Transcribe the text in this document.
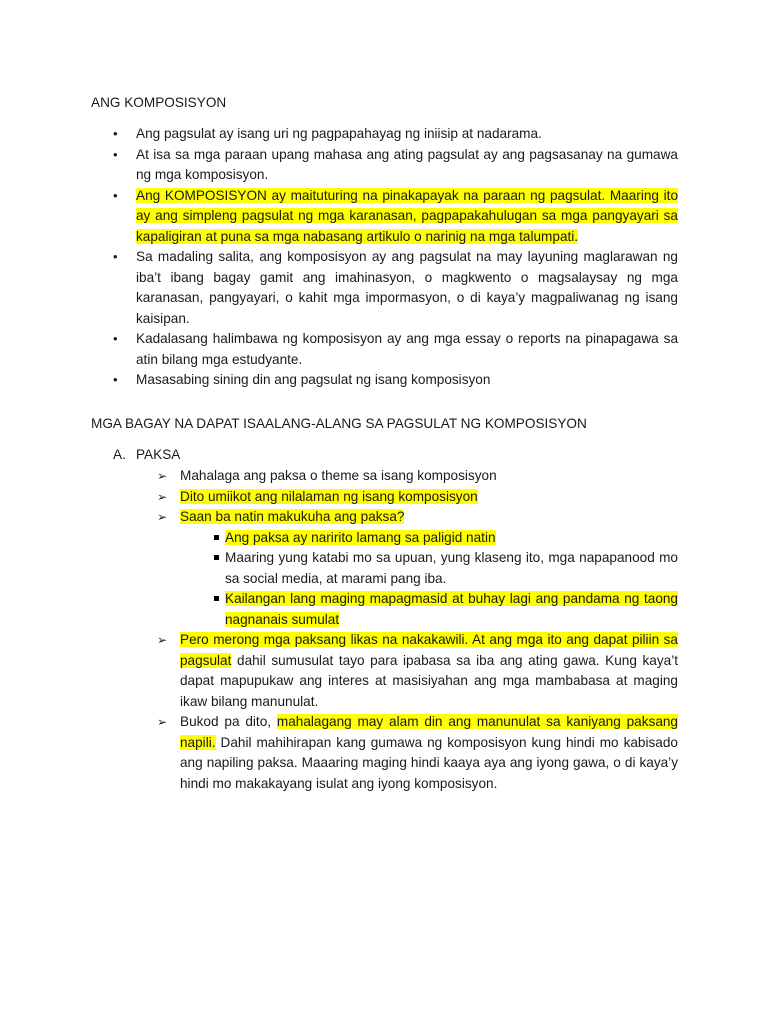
ANG KOMPOSISYON
• Ang pagsulat ay isang uri ng pagpapahayag ng iniisip at nadarama.
• At isa sa mga paraan upang mahasa ang ating pagsulat ay ang pagsasanay na gumawa ng mga komposisyon.
• Ang KOMPOSISYON ay maituturing na pinakapayak na paraan ng pagsulat. Maaring ito ay ang simpleng pagsulat ng mga karanasan, pagpapakahulugan sa mga pangyayari sa kapaligiran at puna sa mga nabasang artikulo o narinig na mga talumpati.
• Sa madaling salita, ang komposisyon ay ang pagsulat na may layuning maglarawan ng iba’t ibang bagay gamit ang imahinasyon, o magkwento o magsalaysay ng mga karanasan, pangyayari, o kahit mga impormasyon, o di kaya’y magpaliwanag ng isang kaisipan.
• Kadalasang halimbawa ng komposisyon ay ang mga essay o reports na pinapagawa sa atin bilang mga estudyante.
• Masasabing sining din ang pagsulat ng isang komposisyon
MGA BAGAY NA DAPAT ISAALANG-ALANG SA PAGSULAT NG KOMPOSISYON
A. PAKSA
➢ Mahalaga ang paksa o theme sa isang komposisyon
➢ Dito umiikot ang nilalaman ng isang komposisyon
➢ Saan ba natin makukuha ang paksa?
Ang paksa ay naririto lamang sa paligid natin
Maaring yung katabi mo sa upuan, yung klaseng ito, mga napapanood mo sa social media, at marami pang iba.
Kailangan lang maging mapagmasid at buhay lagi ang pandama ng taong nagnanais sumulat
➢ Pero merong mga paksang likas na nakakawili. At ang mga ito ang dapat piliin sa pagsulat dahil sumusulat tayo para ipabasa sa iba ang ating gawa. Kung kaya’t dapat mapupukaw ang interes at masisiyahan ang mga mambabasa at maging ikaw bilang manunulat.
➢ Bukod pa dito, mahalagang may alam din ang manunulat sa kaniyang paksang napili. Dahil mahihirapan kang gumawa ng komposisyon kung hindi mo kabisado ang napiling paksa. Maaaring maging hindi kaaya aya ang iyong gawa, o di kaya’y hindi mo makakayang isulat ang iyong komposisyon.
